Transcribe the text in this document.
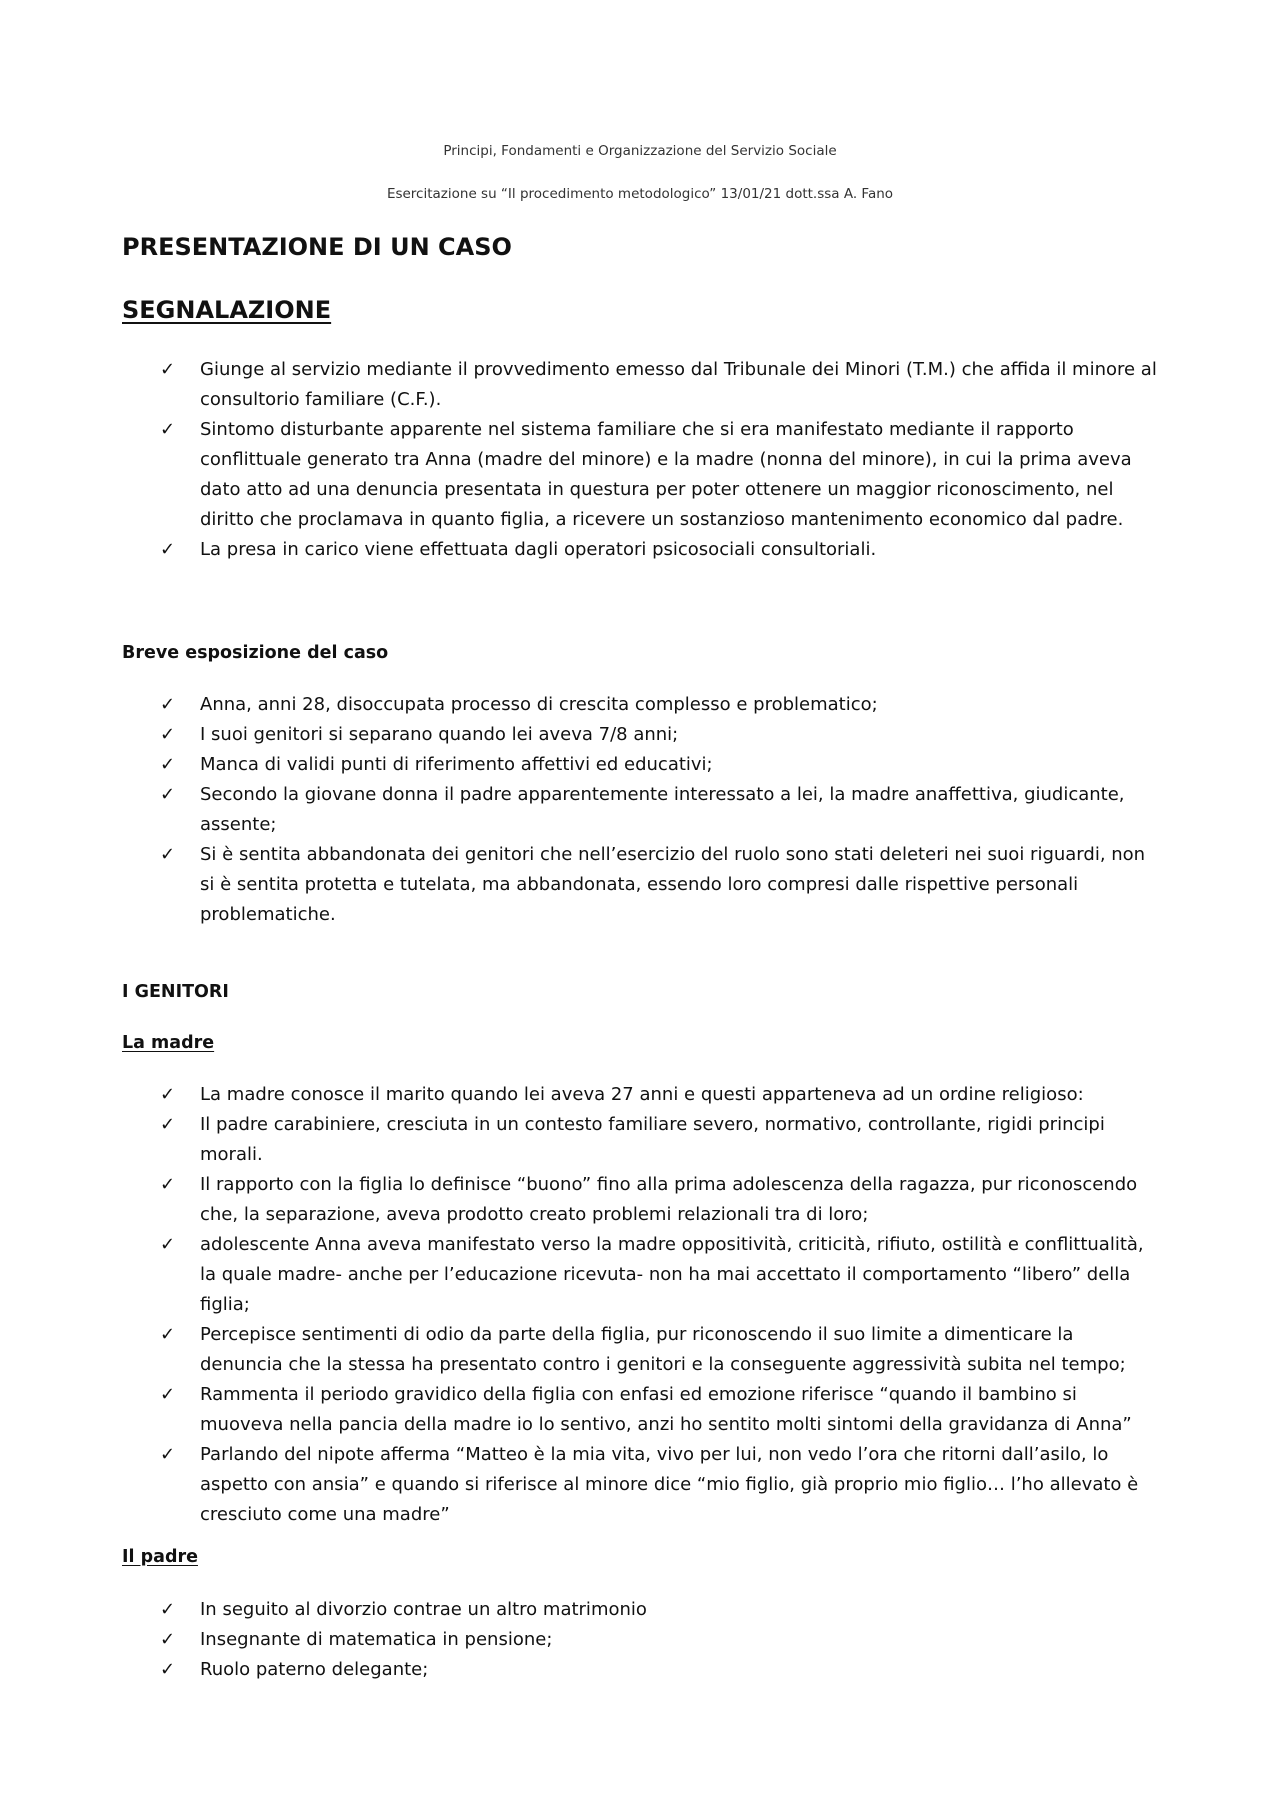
Principi, Fondamenti e Organizzazione del Servizio Sociale
Esercitazione su “Il procedimento metodologico” 13/01/21 dott.ssa A. Fano
PRESENTAZIONE DI UN CASO
SEGNALAZIONE
✓ Giunge al servizio mediante il provvedimento emesso dal Tribunale dei Minori (T.M.) che affida il minore al consultorio familiare (C.F.).
✓ Sintomo disturbante apparente nel sistema familiare che si era manifestato mediante il rapporto conflittuale generato tra Anna (madre del minore) e la madre (nonna del minore), in cui la prima aveva dato atto ad una denuncia presentata in questura per poter ottenere un maggior riconoscimento, nel diritto che proclamava in quanto figlia, a ricevere un sostanzioso mantenimento economico dal padre.
✓ La presa in carico viene effettuata dagli operatori psicosociali consultoriali.
Breve esposizione del caso
✓ Anna, anni 28, disoccupata processo di crescita complesso e problematico;
✓ I suoi genitori si separano quando lei aveva 7/8 anni;
✓ Manca di validi punti di riferimento affettivi ed educativi;
✓ Secondo la giovane donna il padre apparentemente interessato a lei, la madre anaffettiva, giudicante, assente;
✓ Si è sentita abbandonata dei genitori che nell’esercizio del ruolo sono stati deleteri nei suoi riguardi, non si è sentita protetta e tutelata, ma abbandonata, essendo loro compresi dalle rispettive personali problematiche.
I GENITORI
La madre
✓ La madre conosce il marito quando lei aveva 27 anni e questi apparteneva ad un ordine religioso:
✓ Il padre carabiniere, cresciuta in un contesto familiare severo, normativo, controllante, rigidi principi morali.
✓ Il rapporto con la figlia lo definisce “buono” fino alla prima adolescenza della ragazza, pur riconoscendo che, la separazione, aveva prodotto creato problemi relazionali tra di loro;
✓ adolescente Anna aveva manifestato verso la madre oppositività, criticità, rifiuto, ostilità e conflittualità, la quale madre- anche per l’educazione ricevuta- non ha mai accettato il comportamento “libero” della figlia;
✓ Percepisce sentimenti di odio da parte della figlia, pur riconoscendo il suo limite a dimenticare la denuncia che la stessa ha presentato contro i genitori e la conseguente aggressività subita nel tempo;
✓ Rammenta il periodo gravidico della figlia con enfasi ed emozione riferisce “quando il bambino si muoveva nella pancia della madre io lo sentivo, anzi ho sentito molti sintomi della gravidanza di Anna”
✓ Parlando del nipote afferma “Matteo è la mia vita, vivo per lui, non vedo l’ora che ritorni dall’asilo, lo aspetto con ansia” e quando si riferisce al minore dice “mio figlio, già proprio mio figlio… l’ho allevato è cresciuto come una madre”
Il padre
✓ In seguito al divorzio contrae un altro matrimonio
✓ Insegnante di matematica in pensione;
✓ Ruolo paterno delegante;
